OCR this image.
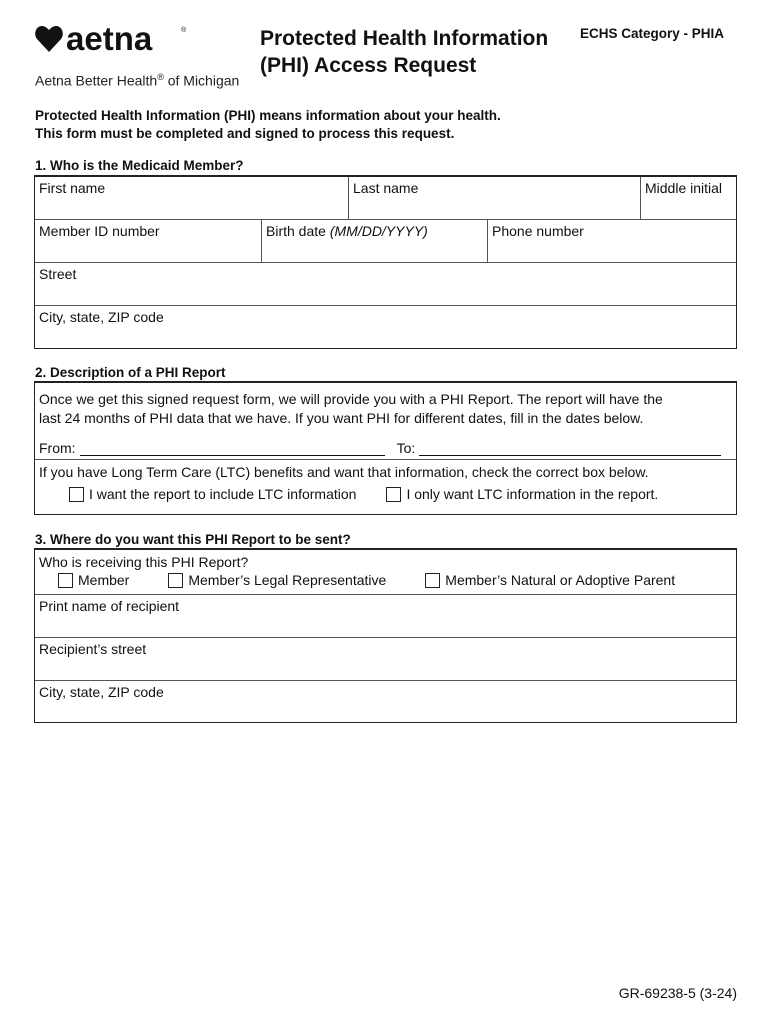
aetna	®
Aetna Better Health® of Michigan
Protected Health Information
(PHI) Access Request
ECHS Category - PHIA
Protected Health Information (PHI) means information about your health.
This form must be completed and signed to process this request.
1. Who is the Medicaid Member?
First name	Last name	Middle initial
Member ID number	Birth date (MM/DD/YYYY)	Phone number
Street
City, state, ZIP code
2. Description of a PHI Report
Once we get this signed request form, we will provide you with a PHI Report. The report will have the
last 24 months of PHI data that we have. If you want PHI for different dates, fill in the dates below.
From:	To:
If you have Long Term Care (LTC) benefits and want that information, check the correct box below.
I want the report to include LTC information	I only want LTC information in the report.
3. Where do you want this PHI Report to be sent?
Who is receiving this PHI Report?
Member	Member’s Legal Representative	Member’s Natural or Adoptive Parent
Print name of recipient
Recipient’s street
City, state, ZIP code
GR-69238-5 (3-24)
